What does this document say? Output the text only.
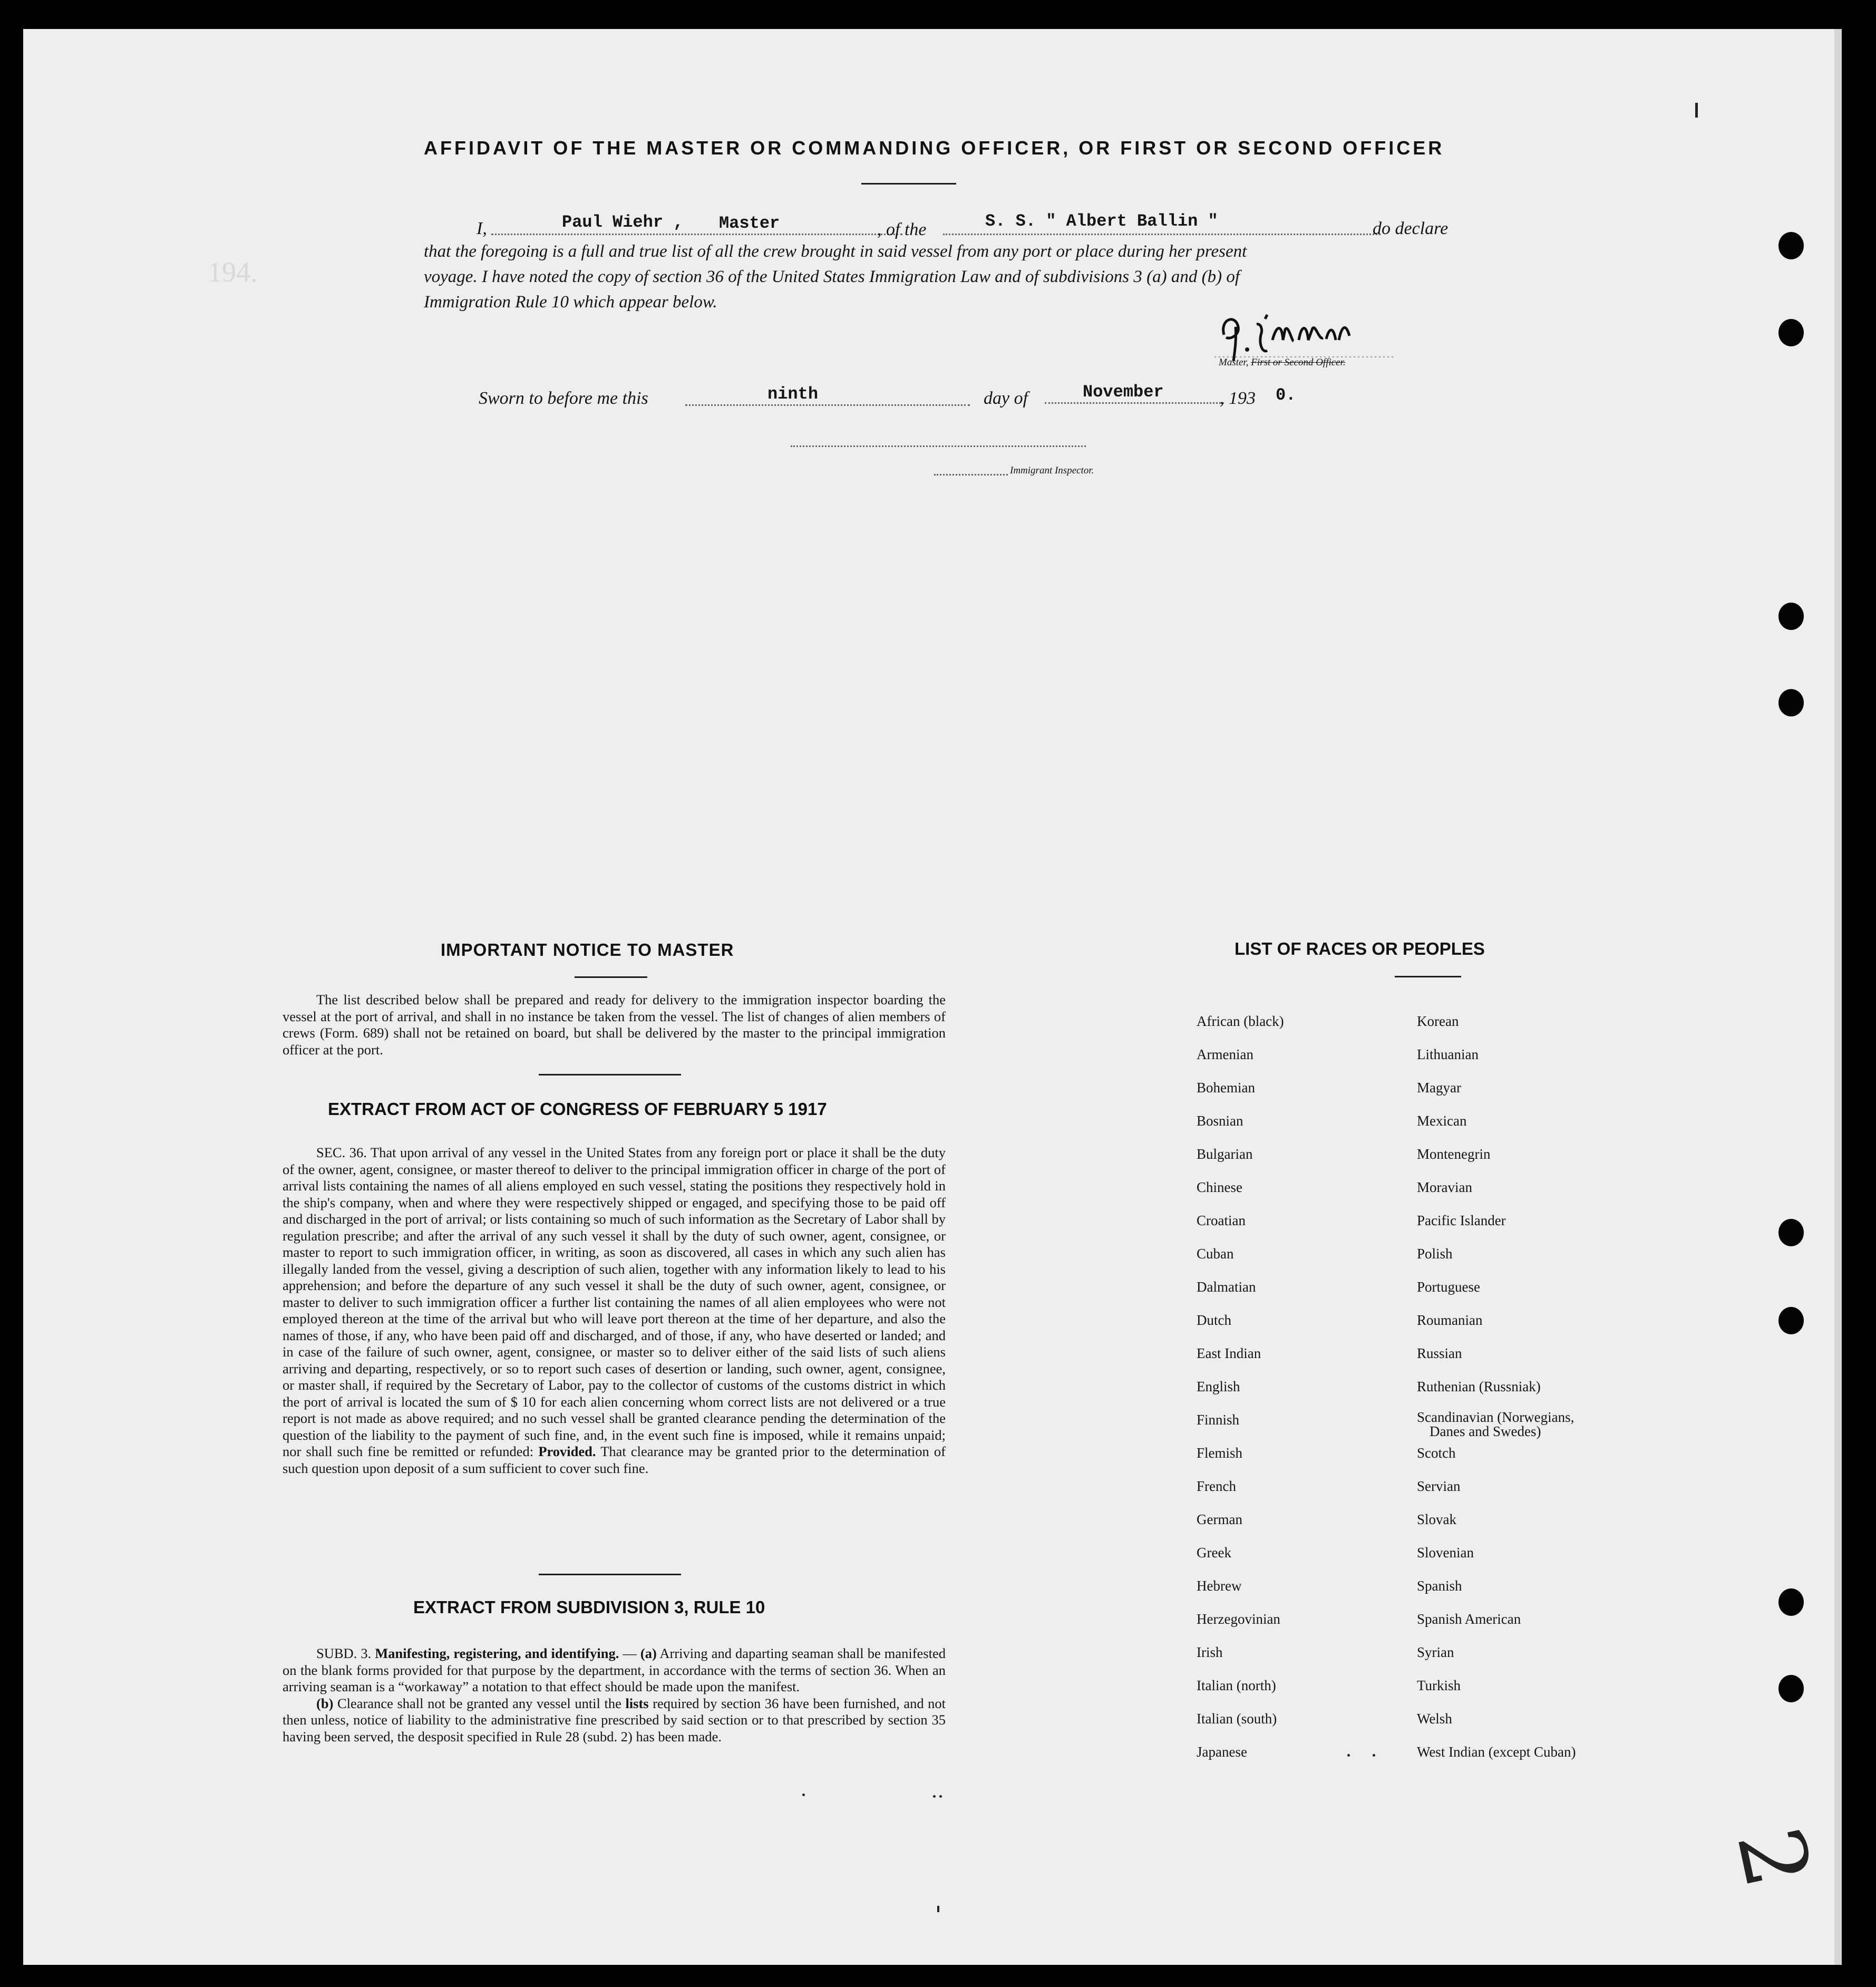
194.
AFFIDAVIT OF THE MASTER OR COMMANDING OFFICER, OR FIRST OR SECOND OFFICER
I,	Paul Wiehr , Master	, of the	S. S. " Albert Ballin "	do declare
that the foregoing is a full and true list of all the crew brought in said vessel from any port or place during her present
voyage. I have noted the copy of section 36 of the United States Immigration Law and of subdivisions 3 (a) and (b) of
Immigration Rule 10 which appear below.
Master, First or Second Officer.
Sworn to before me this	ninth	day of	November	, 193 0.
Immigrant Inspector.
IMPORTANT NOTICE TO MASTER

The list described below shall be prepared and ready for delivery to the immigration inspector boarding the vessel at the port of arrival, and shall in no instance be taken from the vessel. The list of changes of alien members of crews (Form. 689) shall not be retained on board, but shall be delivered by the master to the principal immigration officer at the port.

EXTRACT FROM ACT OF CONGRESS OF FEBRUARY 5 1917

SEC. 36. That upon arrival of any vessel in the United States from any foreign port or place it shall be the duty of the owner, agent, consignee, or master thereof to deliver to the principal immigration officer in charge of the port of arrival lists containing the names of all aliens employed en such vessel, stating the positions they respectively hold in the ship's company, when and where they were respectively shipped or engaged, and specifying those to be paid off and discharged in the port of arrival; or lists containing so much of such information as the Secretary of Labor shall by regulation prescribe; and after the arrival of any such vessel it shall by the duty of such owner, agent, consignee, or master to report to such immigration officer, in writing, as soon as discovered, all cases in which any such alien has illegally landed from the vessel, giving a description of such alien, together with any information likely to lead to his apprehension; and before the departure of any such vessel it shall be the duty of such owner, agent, consignee, or master to deliver to such immigration officer a further list containing the names of all alien employees who were not employed thereon at the time of the arrival but who will leave port thereon at the time of her departure, and also the names of those, if any, who have been paid off and discharged, and of those, if any, who have deserted or landed; and in case of the failure of such owner, agent, consignee, or master so to deliver either of the said lists of such aliens arriving and departing, respectively, or so to report such cases of desertion or landing, such owner, agent, consignee, or master shall, if required by the Secretary of Labor, pay to the collector of customs of the customs district in which the port of arrival is located the sum of $ 10 for each alien concerning whom correct lists are not delivered or a true report is not made as above required; and no such vessel shall be granted clearance pending the determination of the question of the liability to the payment of such fine, and, in the event such fine is imposed, while it remains unpaid; nor shall such fine be remitted or refunded: Provided. That clearance may be granted prior to the determination of such question upon deposit of a sum sufficient to cover such fine.

EXTRACT FROM SUBDIVISION 3, RULE 10

SUBD. 3. Manifesting, registering, and identifying. — (a) Arriving and daparting seaman shall be manifested on the blank forms provided for that purpose by the department, in accordance with the terms of section 36. When an arriving seaman is a “workaway” a notation to that effect should be made upon the manifest.

(b) Clearance shall not be granted any vessel until the lists required by section 36 have been furnished, and not then unless, notice of liability to the administrative fine prescribed by said section or to that prescribed by section 35 having been served, the desposit specified in Rule 28 (subd. 2) has been made.

LIST OF RACES OR PEOPLES
African (black)
Armenian
Bohemian
Bosnian
Bulgarian
Chinese
Croatian
Cuban
Dalmatian
Dutch
East Indian
English
Finnish
Flemish
French
German
Greek
Hebrew
Herzegovinian
Irish
Italian (north)
Italian (south)
Japanese
Korean
Lithuanian
Magyar
Mexican
Montenegrin
Moravian
Pacific Islander
Polish
Portuguese
Roumanian
Russian
Ruthenian (Russniak)
Scandinavian (Norwegians,
Danes and Swedes)
Scotch
Servian
Slovak
Slovenian
Spanish
Spanish American
Syrian
Turkish
Welsh
West Indian (except Cuban)
2
